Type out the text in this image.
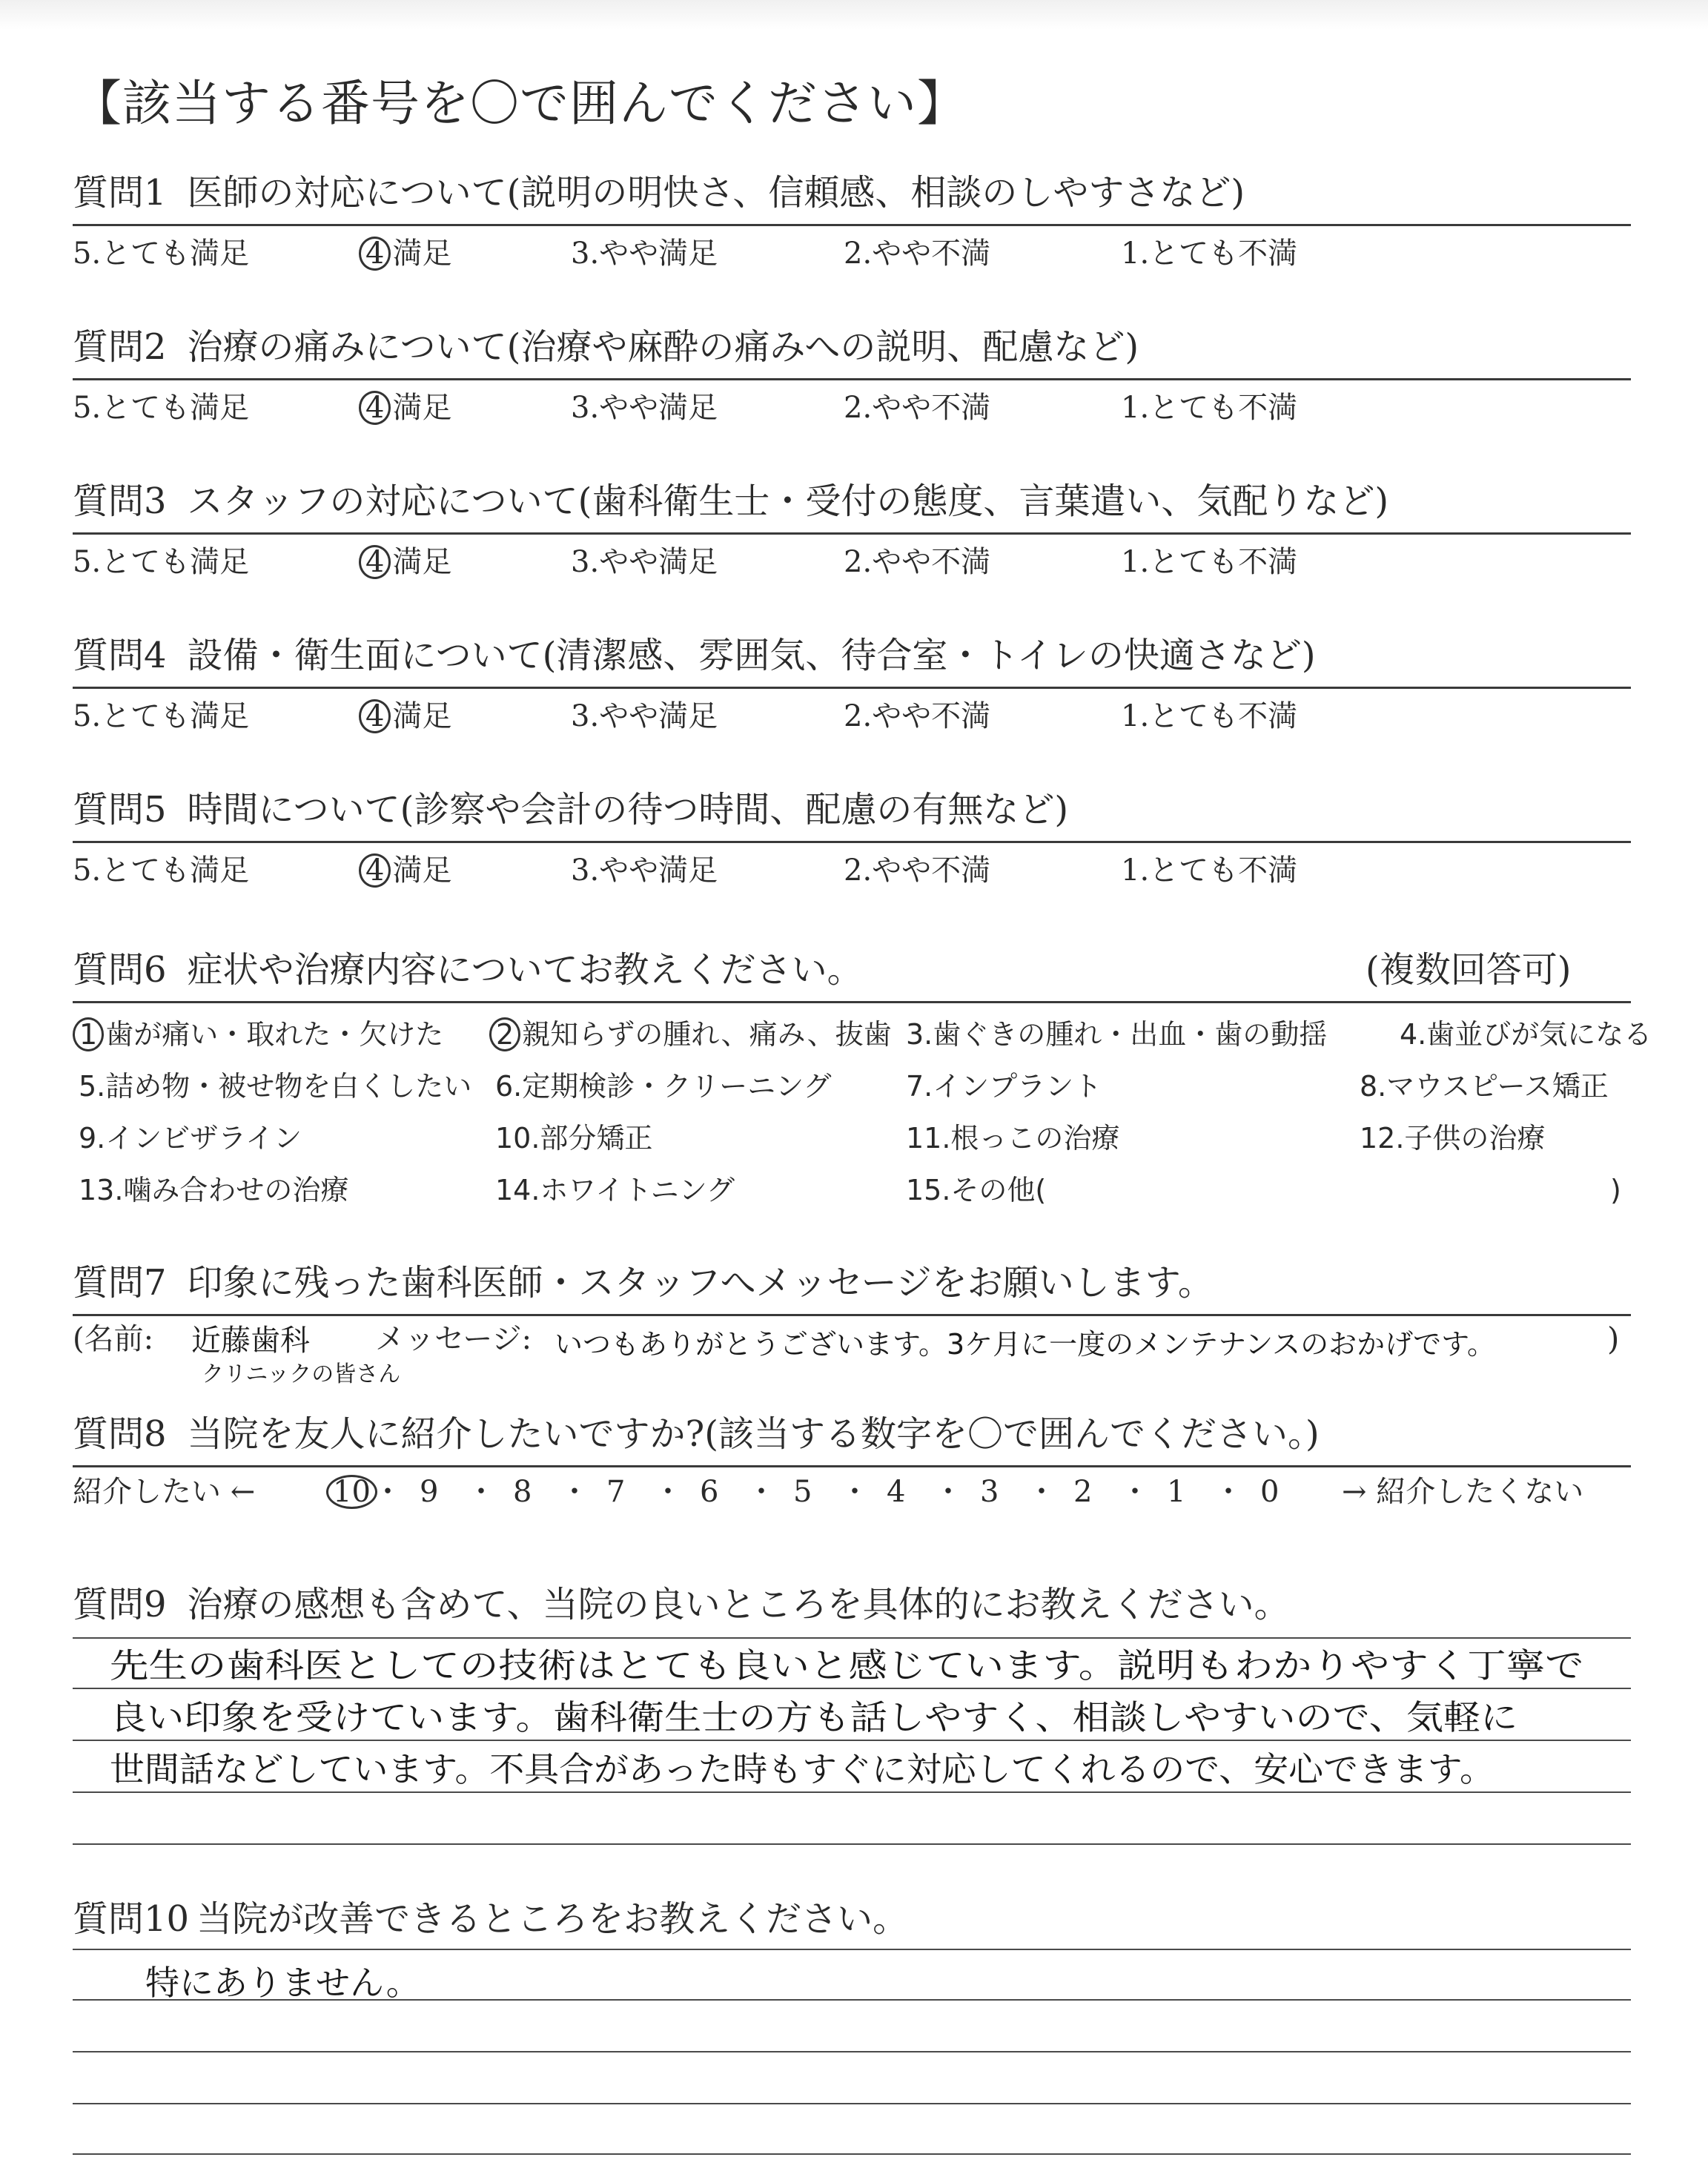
【該当する番号を〇で囲んでください】
質問1 医師の対応について(説明の明快さ、信頼感、相談のしやすさなど)
5.とても満足	4 満足	3.やや満足	2.やや不満	1.とても不満
質問2 治療の痛みについて(治療や麻酔の痛みへの説明、配慮など)
5.とても満足	4 満足	3.やや満足	2.やや不満	1.とても不満
質問3 スタッフの対応について(歯科衛生士・受付の態度、言葉遣い、気配りなど)
5.とても満足	4 満足	3.やや満足	2.やや不満	1.とても不満
質問4 設備・衛生面について(清潔感、雰囲気、待合室・トイレの快適さなど)
5.とても満足	4 満足	3.やや満足	2.やや不満	1.とても不満
質問5 時間について(診察や会計の待つ時間、配慮の有無など)
5.とても満足	4 満足	3.やや満足	2.やや不満	1.とても不満
質問6 症状や治療内容についてお教えください。	(複数回答可)
1 歯が痛い・取れた・欠けた 2 親知らずの腫れ、痛み、抜歯 3.歯ぐきの腫れ・出血・歯の動揺	4.歯並びが気になる
5.詰め物・被せ物を白くしたい 6.定期検診・クリーニング	7.インプラント	8.マウスピース矯正
9.インビザライン	10.部分矯正	11.根っこの治療	12.子供の治療
13.噛み合わせの治療	14.ホワイトニング	15.その他(	)
質問7 印象に残った歯科医師・スタッフへメッセージをお願いします。
(名前: 近藤歯科
クリニックの皆さん
メッセージ: いつもありがとうございます。3ケ月に一度のメンテナンスのおかげです。	)
質問8 当院を友人に紹介したいですか?(該当する数字を〇で囲んでください。)
紹介したい ←	10 ・ 9 ・ 8 ・ 7 ・ 6 ・ 5 ・ 4 ・ 3 ・ 2 ・ 1 ・ 0 → 紹介したくない
質問9 治療の感想も含めて、当院の良いところを具体的にお教えください。
先生の歯科医としての技術はとても良いと感じています。説明もわかりやすく丁寧で
良い印象を受けています。歯科衛生士の方も話しやすく、相談しやすいので、気軽に
世間話などしています。不具合があった時もすぐに対応してくれるので、安心できます。
質問10 当院が改善できるところをお教えください。
特にありません。
